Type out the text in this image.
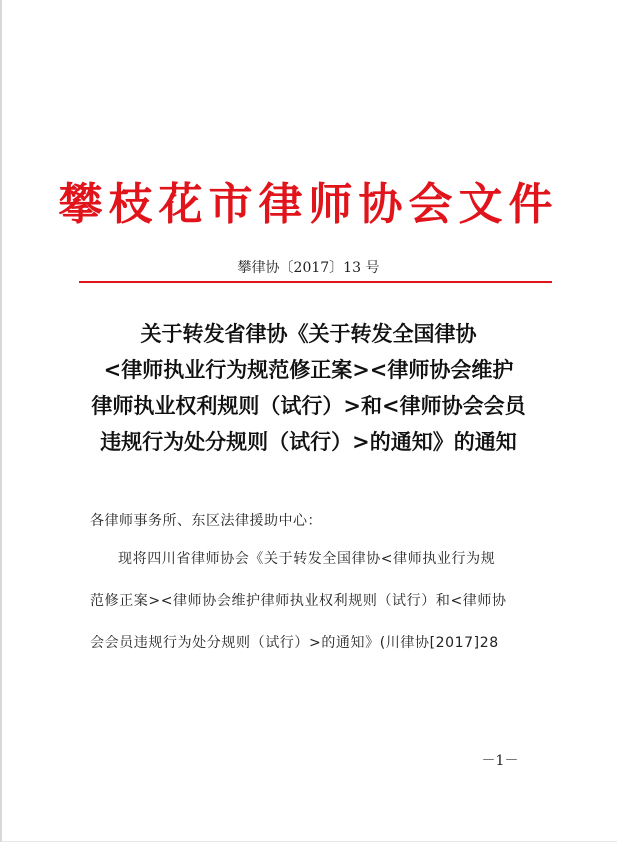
攀枝花市律师协会文件
攀律协〔2017〕13 号
关于转发省律协《关于转发全国律协
<律师执业行为规范修正案><律师协会维护
律师执业权利规则（试行）>和<律师协会会员
违规行为处分规则（试行）>的通知》的通知
各律师事务所、东区法律援助中心：
现将四川省律师协会《关于转发全国律协<律师执业行为规
范修正案><律师协会维护律师执业权利规则（试行）和<律师协
会会员违规行为处分规则（试行）>的通知》(川律协[2017]28
－1－
